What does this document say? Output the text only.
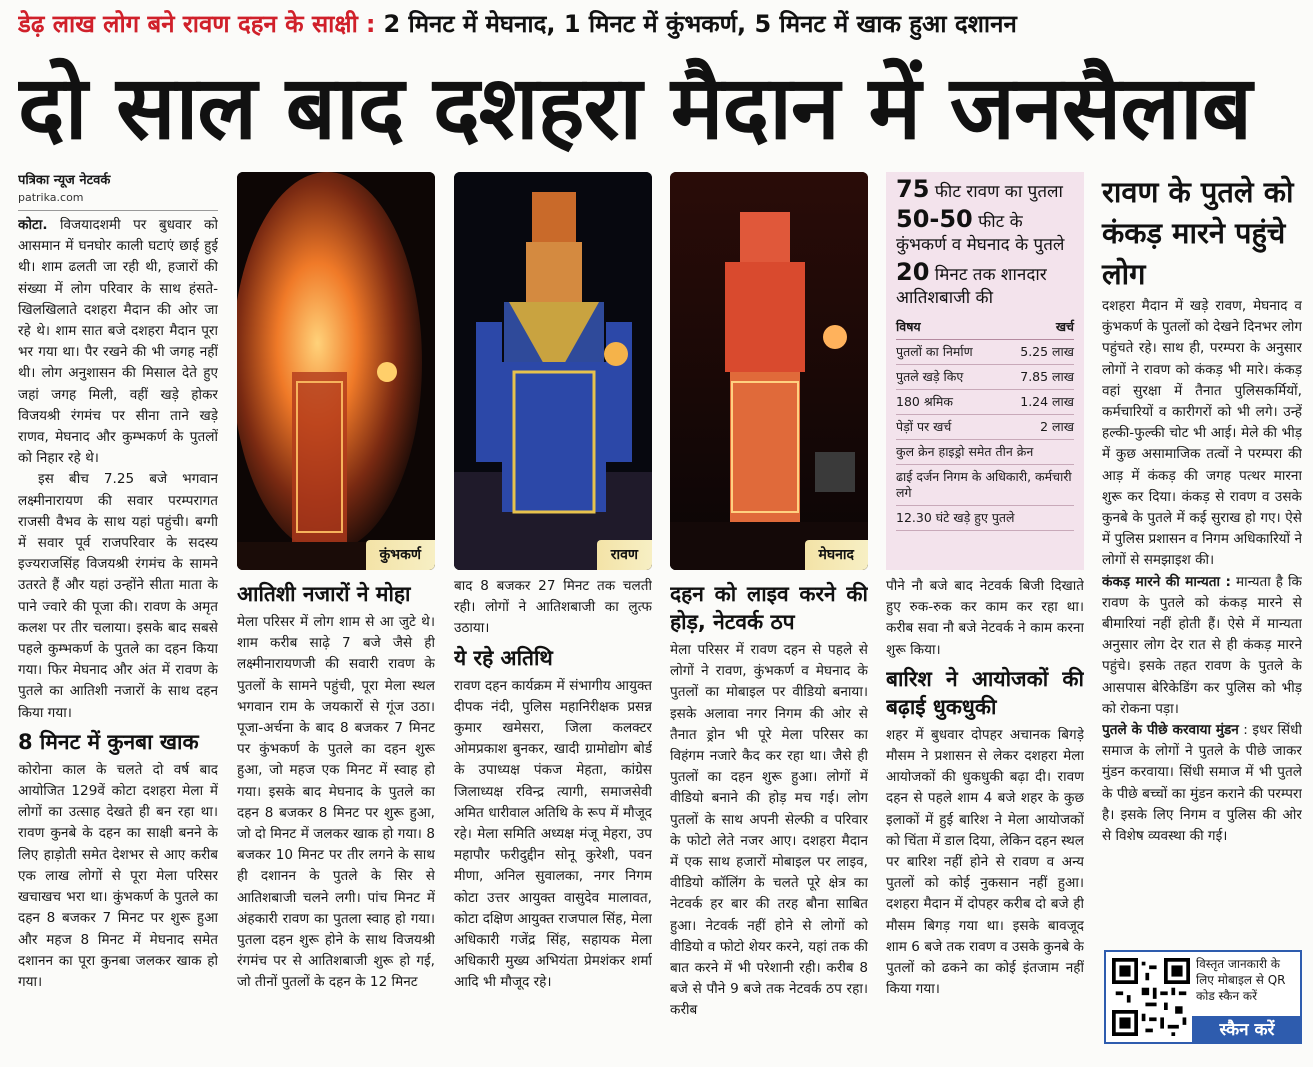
डेढ़ लाख लोग बने रावण दहन के साक्षी : 2 मिनट में मेघनाद, 1 मिनट में कुंभकर्ण, 5 मिनट में खाक हुआ दशानन
दो साल बाद दशहरा मैदान में जनसैलाब
पत्रिका न्यूज नेटवर्क
patrika.com

कोटा. विजयादशमी पर बुधवार को आसमान में घनघोर काली घटाएं छाई हुई थी। शाम ढलती जा रही थी, हजारों की संख्या में लोग परिवार के साथ हंसते-खिलखिलाते दशहरा मैदान की ओर जा रहे थे। शाम सात बजे दशहरा मैदान पूरा भर गया था। पैर रखने की भी जगह नहीं थी। लोग अनुशासन की मिसाल देते हुए जहां जगह मिली, वहीं खड़े होकर विजयश्री रंगमंच पर सीना ताने खड़े राणव, मेघनाद और कुम्भकर्ण के पुतलों को निहार रहे थे।

इस बीच 7.25 बजे भगवान लक्ष्मीनारायण की सवार परम्परागत राजसी वैभव के साथ यहां पहुंची। बग्गी में सवार पूर्व राजपरिवार के सदस्य इज्यराजसिंह विजयश्री रंगमंच के सामने उतरते हैं और यहां उन्होंने सीता माता के पाने ज्वारे की पूजा की। रावण के अमृत कलश पर तीर चलाया। इसके बाद सबसे पहले कुम्भकर्ण के पुतले का दहन किया गया। फिर मेघनाद और अंत में रावण के पुतले का आतिशी नजारों के साथ दहन किया गया।

8 मिनट में कुनबा खाक

कोरोना काल के चलते दो वर्ष बाद आयोजित 129वें कोटा दशहरा मेला में लोगों का उत्साह देखते ही बन रहा था। रावण कुनबे के दहन का साक्षी बनने के लिए हाड़ोती समेत देशभर से आए करीब एक लाख लोगों से पूरा मेला परिसर खचाखच भरा था। कुंभकर्ण के पुतले का दहन 8 बजकर 7 मिनट पर शुरू हुआ और महज 8 मिनट में मेघनाद समेत दशानन का पूरा कुनबा जलकर खाक हो गया।

कुंभकर्ण	रावण	मेघनाद
आतिशी नजारों ने मोहा

मेला परिसर में लोग शाम से आ जुटे थे। शाम करीब साढ़े 7 बजे जैसे ही लक्ष्मीनारायणजी की सवारी रावण के पुतलों के सामने पहुंची, पूरा मेला स्थल भगवान राम के जयकारों से गूंज उठा। पूजा-अर्चना के बाद 8 बजकर 7 मिनट पर कुंभकर्ण के पुतले का दहन शुरू हुआ, जो महज एक मिनट में स्वाह हो गया। इसके बाद मेघनाद के पुतले का दहन 8 बजकर 8 मिनट पर शुरू हुआ, जो दो मिनट में जलकर खाक हो गया। 8 बजकर 10 मिनट पर तीर लगने के साथ ही दशानन के पुतले के सिर से आतिशबाजी चलने लगी। पांच मिनट में अंहकारी रावण का पुतला स्वाह हो गया। पुतला दहन शुरू होने के साथ विजयश्री रंगमंच पर से आतिशबाजी शुरू हो गई, जो तीनों पुतलों के दहन के 12 मिनट

बाद 8 बजकर 27 मिनट तक चलती रही। लोगों ने आतिशबाजी का लुत्फ उठाया।

ये रहे अतिथि

रावण दहन कार्यक्रम में संभागीय आयुक्त दीपक नंदी, पुलिस महानिरीक्षक प्रसन्न कुमार खमेसरा, जिला कलक्टर ओमप्रकाश बुनकर, खादी ग्रामोद्योग बोर्ड के उपाध्यक्ष पंकज मेहता, कांग्रेस जिलाध्यक्ष रविन्द्र त्यागी, समाजसेवी अमित धारीवाल अतिथि के रूप में मौजूद रहे। मेला समिति अध्यक्ष मंजू मेहरा, उप महापौर फरीदुद्दीन सोनू कुरेशी, पवन मीणा, अनिल सुवालका, नगर निगम कोटा उत्तर आयुक्त वासुदेव मालावत, कोटा दक्षिण आयुक्त राजपाल सिंह, मेला अधिकारी गजेंद्र सिंह, सहायक मेला अधिकारी मुख्य अभियंता प्रेमशंकर शर्मा आदि भी मौजूद रहे।

दहन को लाइव करने की होड़, नेटवर्क ठप

मेला परिसर में रावण दहन से पहले से लोगों ने रावण, कुंभकर्ण व मेघनाद के पुतलों का मोबाइल पर वीडियो बनाया। इसके अलावा नगर निगम की ओर से तैनात ड्रोन भी पूरे मेला परिसर का विहंगम नजारे कैद कर रहा था। जैसे ही पुतलों का दहन शुरू हुआ। लोगों में वीडियो बनाने की होड़ मच गई। लोग पुतलों के साथ अपनी सेल्फी व परिवार के फोटो लेते नजर आए। दशहरा मैदान में एक साथ हजारों मोबाइल पर लाइव, वीडियो कॉलिंग के चलते पूरे क्षेत्र का नेटवर्क हर बार की तरह बौना साबित हुआ। नेटवर्क नहीं होने से लोगों को वीडियो व फोटो शेयर करने, यहां तक की बात करने में भी परेशानी रही। करीब 8 बजे से पौने 9 बजे तक नेटवर्क ठप रहा। करीब

75 फीट रावण का पुतला
50-50 फीट के कुंभकर्ण व मेघनाद के पुतले
20 मिनट तक शानदार आतिशबाजी की
विषय	खर्च
पुतलों का निर्माण	5.25 लाख
पुतले खड़े किए	7.85 लाख
180 श्रमिक	1.24 लाख
पेड़ों पर खर्च	2 लाख
कुल क्रेन हाइड्रो समेत तीन क्रेन	
ढाई दर्जन निगम के अधिकारी, कर्मचारी लगे	
12.30 घंटे खड़े हुए पुतले	

पौने नौ बजे बाद नेटवर्क बिजी दिखाते हुए रुक-रुक कर काम कर रहा था। करीब सवा नौ बजे नेटवर्क ने काम करना शुरू किया।

बारिश ने आयोजकों की बढ़ाई धुकधुकी

शहर में बुधवार दोपहर अचानक बिगड़े मौसम ने प्रशासन से लेकर दशहरा मेला आयोजकों की धुकधुकी बढ़ा दी। रावण दहन से पहले शाम 4 बजे शहर के कुछ इलाकों में हुई बारिश ने मेला आयोजकों को चिंता में डाल दिया, लेकिन दहन स्थल पर बारिश नहीं होने से रावण व अन्य पुतलों को कोई नुकसान नहीं हुआ। दशहरा मैदान में दोपहर करीब दो बजे ही मौसम बिगड़ गया था। इसके बावजूद शाम 6 बजे तक रावण व उसके कुनबे के पुतलों को ढकने का कोई इंतजाम नहीं किया गया।

रावण के पुतले को कंकड़ मारने पहुंचे लोग

दशहरा मैदान में खड़े रावण, मेघनाद व कुंभकर्ण के पुतलों को देखने दिनभर लोग पहुंचते रहे। साथ ही, परम्परा के अनुसार लोगों ने रावण को कंकड़ भी मारे। कंकड़ वहां सुरक्षा में तैनात पुलिसकर्मियों, कर्मचारियों व कारीगरों को भी लगे। उन्हें हल्की-फुल्की चोट भी आई। मेले की भीड़ में कुछ असामाजिक तत्वों ने परम्परा की आड़ में कंकड़ की जगह पत्थर मारना शुरू कर दिया। कंकड़ से रावण व उसके कुनबे के पुतले में कई सुराख हो गए। ऐसे में पुलिस प्रशासन व निगम अधिकारियों ने लोगों से समझाइश की।

कंकड़ मारने की मान्यता : मान्यता है कि रावण के पुतले को कंकड़ मारने से बीमारियां नहीं होती हैं। ऐसे में मान्यता अनुसार लोग देर रात से ही कंकड़ मारने पहुंचे। इसके तहत रावण के पुतले के आसपास बेरिकेडिंग कर पुलिस को भीड़ को रोकना पड़ा।

पुतले के पीछे करवाया मुंडन : इधर सिंधी समाज के लोगों ने पुतले के पीछे जाकर मुंडन करवाया। सिंधी समाज में भी पुतले के पीछे बच्चों का मुंडन कराने की परम्परा है। इसके लिए निगम व पुलिस की ओर से विशेष व्यवस्था की गई।

विस्तृत जानकारी के लिए मोबाइल से QR कोड स्कैन करें
स्कैन करें
